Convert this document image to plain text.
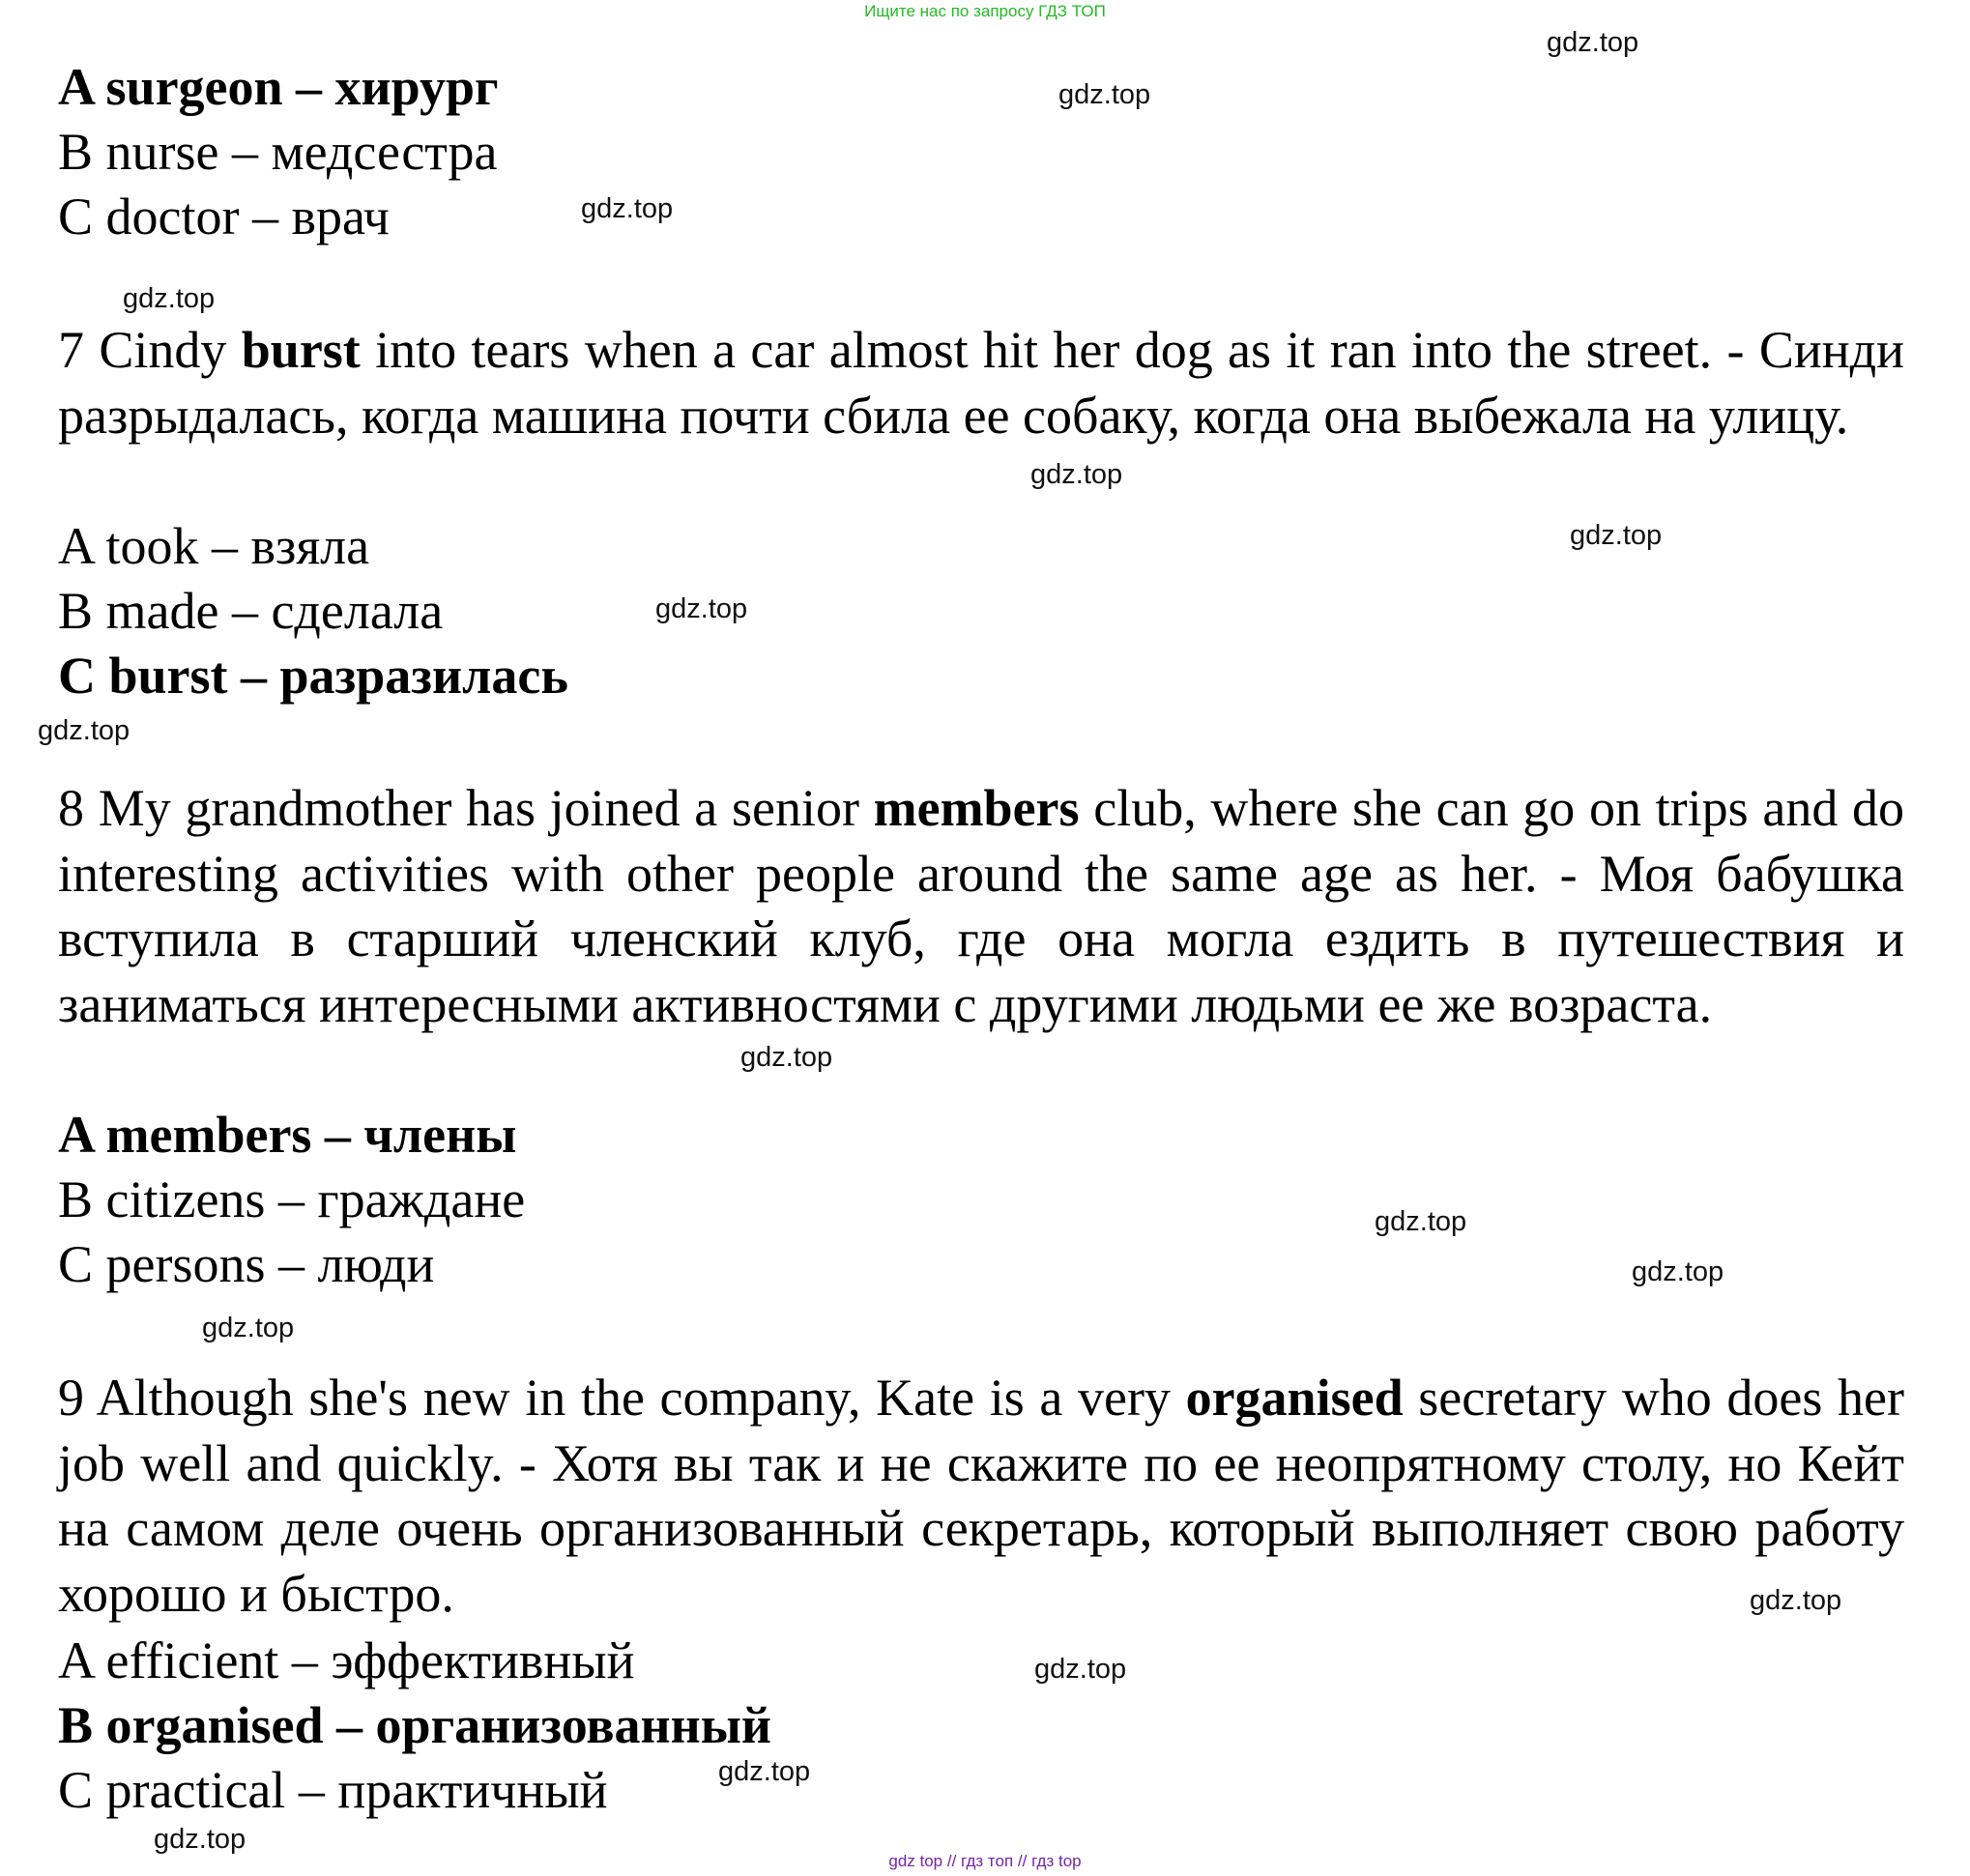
Ищите нас по запросу ГДЗ ТОП
A surgeon – хирург
B nurse – медсестра
C doctor – врач
7 Cindy burst into tears when a car almost hit her dog as it ran into the street. - Синди разрыдалась, когда машина почти сбила ее собаку, когда она выбежала на улицу.
A took – взяла
B made – сделала
C burst – разразилась
8 My grandmother has joined a senior members club, where she can go on trips and do interesting activities with other people around the same age as her. - Моя бабушка вступила в старший членский клуб, где она могла ездить в путешествия и заниматься интересными активностями с другими людьми ее же возраста.
A members – члены
B citizens – граждане
C persons – люди
9 Although she's new in the company, Kate is a very organised secretary who does her job well and quickly. - Хотя вы так и не скажите по ее неопрятному столу, но Кейт на самом деле очень организованный секретарь, который выполняет свою работу хорошо и быстро.
A efficient – эффективный
B organised – организованный
C practical – практичный
gdz.top
gdz.top
gdz.top
gdz.top
gdz.top
gdz.top
gdz.top
gdz.top
gdz.top
gdz.top
gdz.top
gdz.top
gdz.top
gdz.top
gdz.top
gdz.top
gdz top // гдз топ // гдз top
